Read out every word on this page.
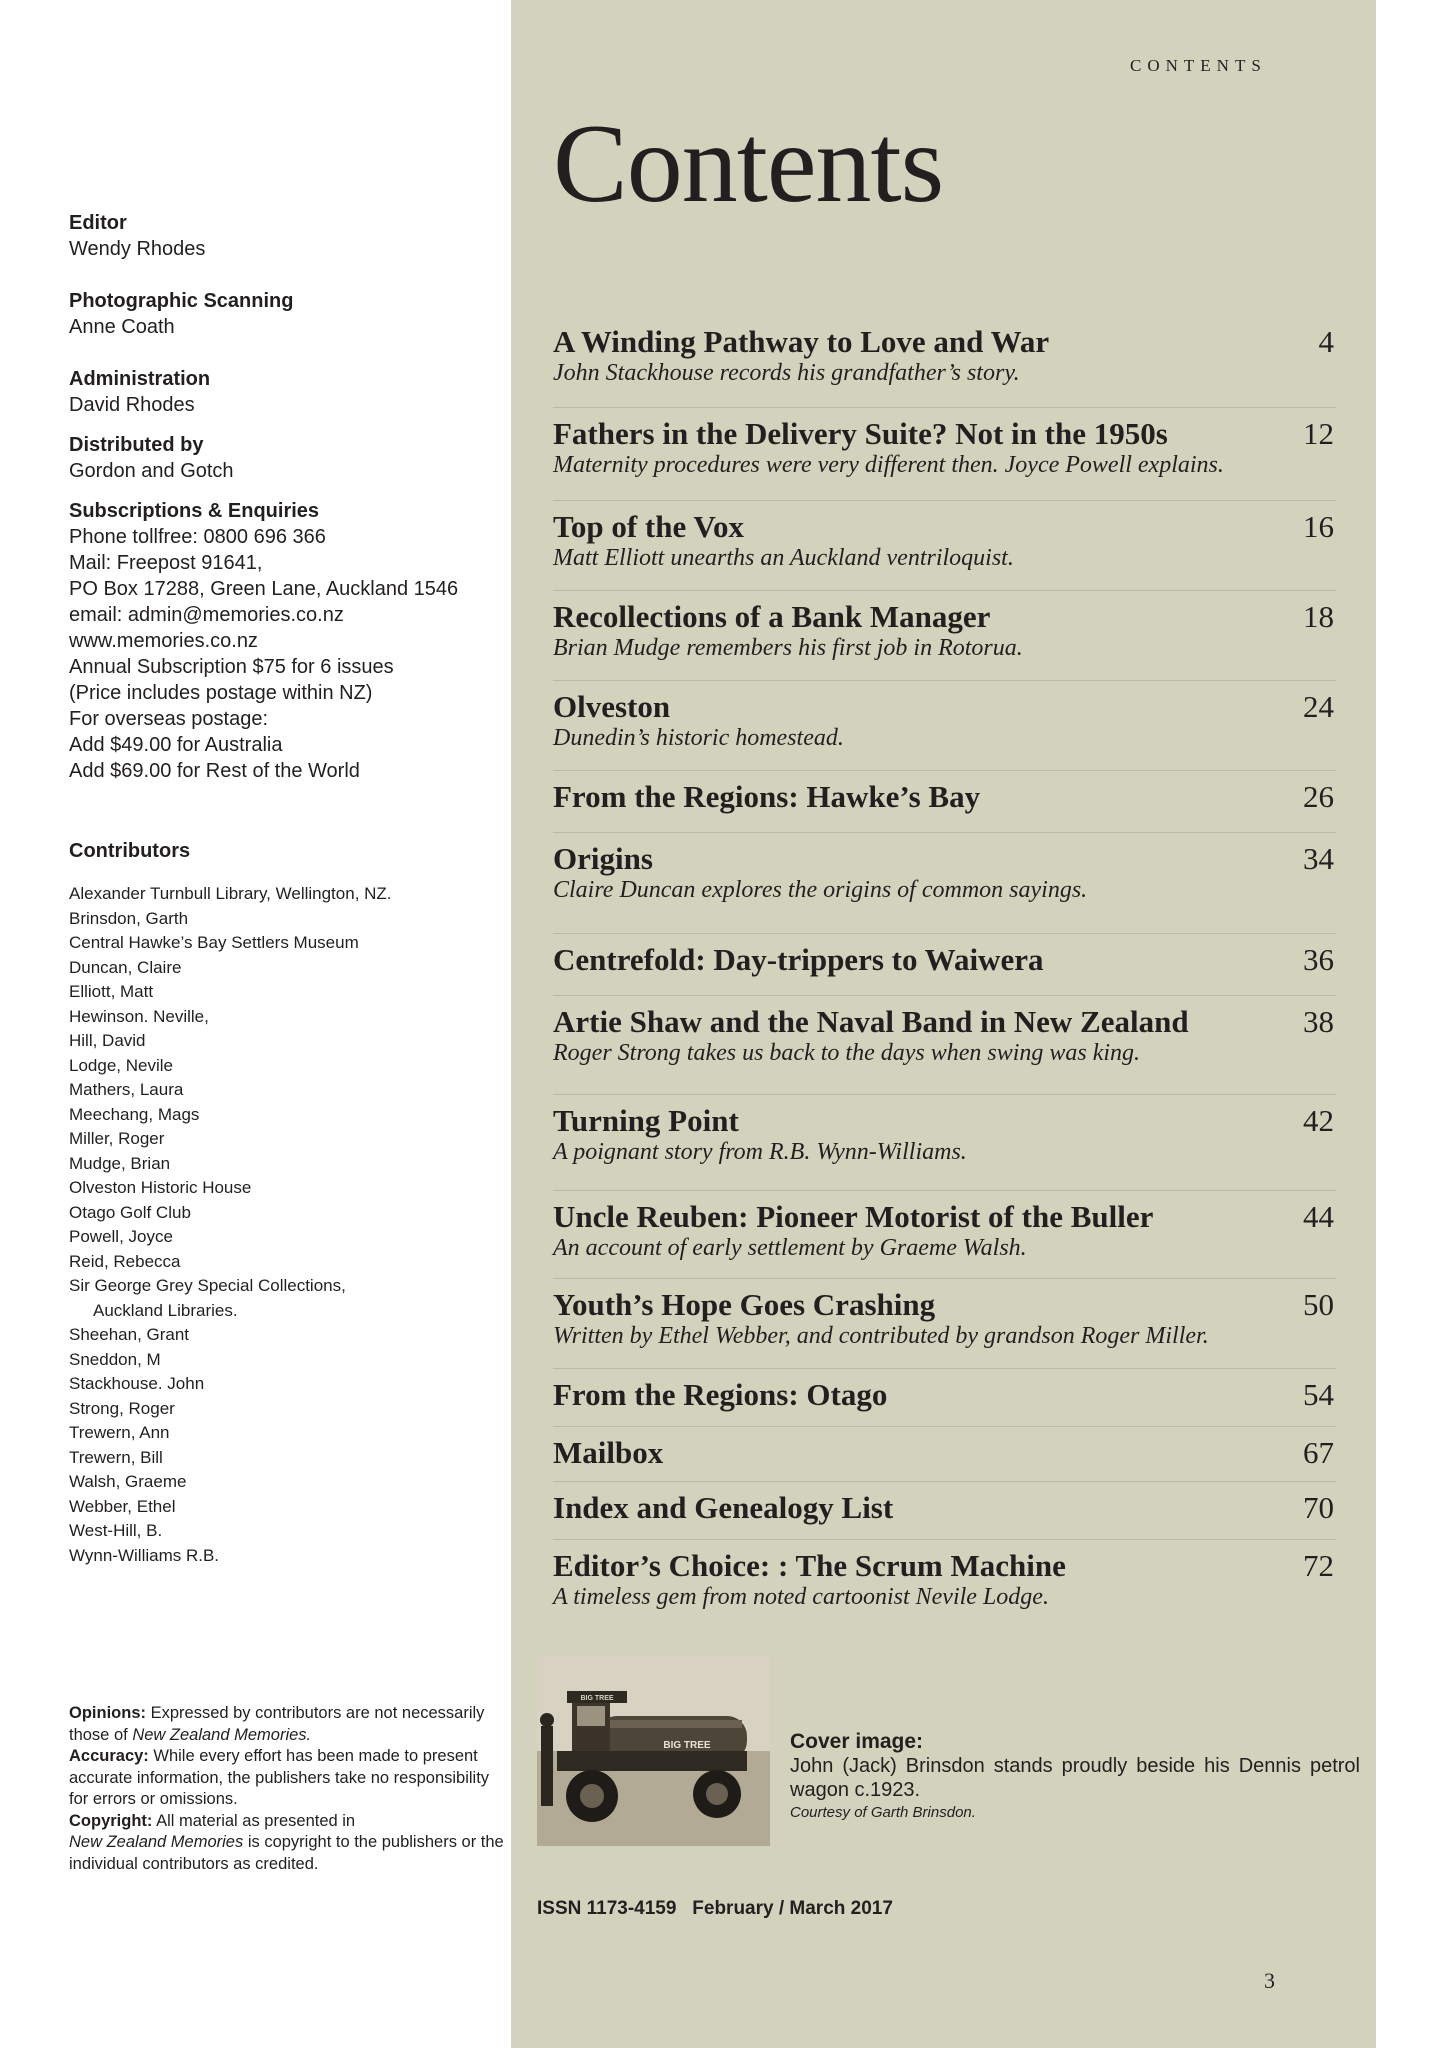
CONTENTS
Contents
A Winding Pathway to Love and War	4
John Stackhouse records his grandfather’s story.
Fathers in the Delivery Suite? Not in the 1950s	12
Maternity procedures were very different then. Joyce Powell explains.
Top of the Vox	16
Matt Elliott unearths an Auckland ventriloquist.
Recollections of a Bank Manager	18
Brian Mudge remembers his first job in Rotorua.
Olveston	24
Dunedin’s historic homestead.
From the Regions: Hawke’s Bay	26
Origins	34
Claire Duncan explores the origins of common sayings.
Centrefold: Day-trippers to Waiwera	36
Artie Shaw and the Naval Band in New Zealand	38
Roger Strong takes us back to the days when swing was king.
Turning Point	42
A poignant story from R.B. Wynn-Williams.
Uncle Reuben: Pioneer Motorist of the Buller	44
An account of early settlement by Graeme Walsh.
Youth’s Hope Goes Crashing	50
Written by Ethel Webber, and contributed by grandson Roger Miller.
From the Regions: Otago	54
Mailbox	67
Index and Genealogy List	70
Editor’s Choice: : The Scrum Machine	72
A timeless gem from noted cartoonist Nevile Lodge.
Editor
Wendy Rhodes
Photographic Scanning
Anne Coath
Administration
David Rhodes
Distributed by
Gordon and Gotch
Subscriptions & Enquiries
Phone tollfree: 0800 696 366
Mail: Freepost 91641,
PO Box 17288, Green Lane, Auckland 1546
email: admin@memories.co.nz
www.memories.co.nz
Annual Subscription $75 for 6 issues
(Price includes postage within NZ)
For overseas postage:
Add $49.00 for Australia
Add $69.00 for Rest of the World
Contributors
Alexander Turnbull Library, Wellington, NZ.
Brinsdon, Garth
Central Hawke’s Bay Settlers Museum
Duncan, Claire
Elliott, Matt
Hewinson. Neville,
Hill, David
Lodge, Nevile
Mathers, Laura
Meechang, Mags
Miller, Roger
Mudge, Brian
Olveston Historic House
Otago Golf Club
Powell, Joyce
Reid, Rebecca
Sir George Grey Special Collections,
Auckland Libraries.
Sheehan, Grant
Sneddon, M
Stackhouse. John
Strong, Roger
Trewern, Ann
Trewern, Bill
Walsh, Graeme
Webber, Ethel
West-Hill, B.
Wynn-Williams R.B.
Opinions: Expressed by contributors are not necessarily those of New Zealand Memories.
Accuracy: While every effort has been made to present accurate information, the publishers take no responsibility for errors or omissions.
Copyright: All material as presented in
New Zealand Memories is copyright to the publishers or the individual contributors as credited.
BIG TREE
BIG TREE
Cover image:
John (Jack) Brinsdon stands proudly beside his Dennis petrol wagon c.1923.
Courtesy of Garth Brinsdon.
ISSN 1173-4159   February / March 2017
3
